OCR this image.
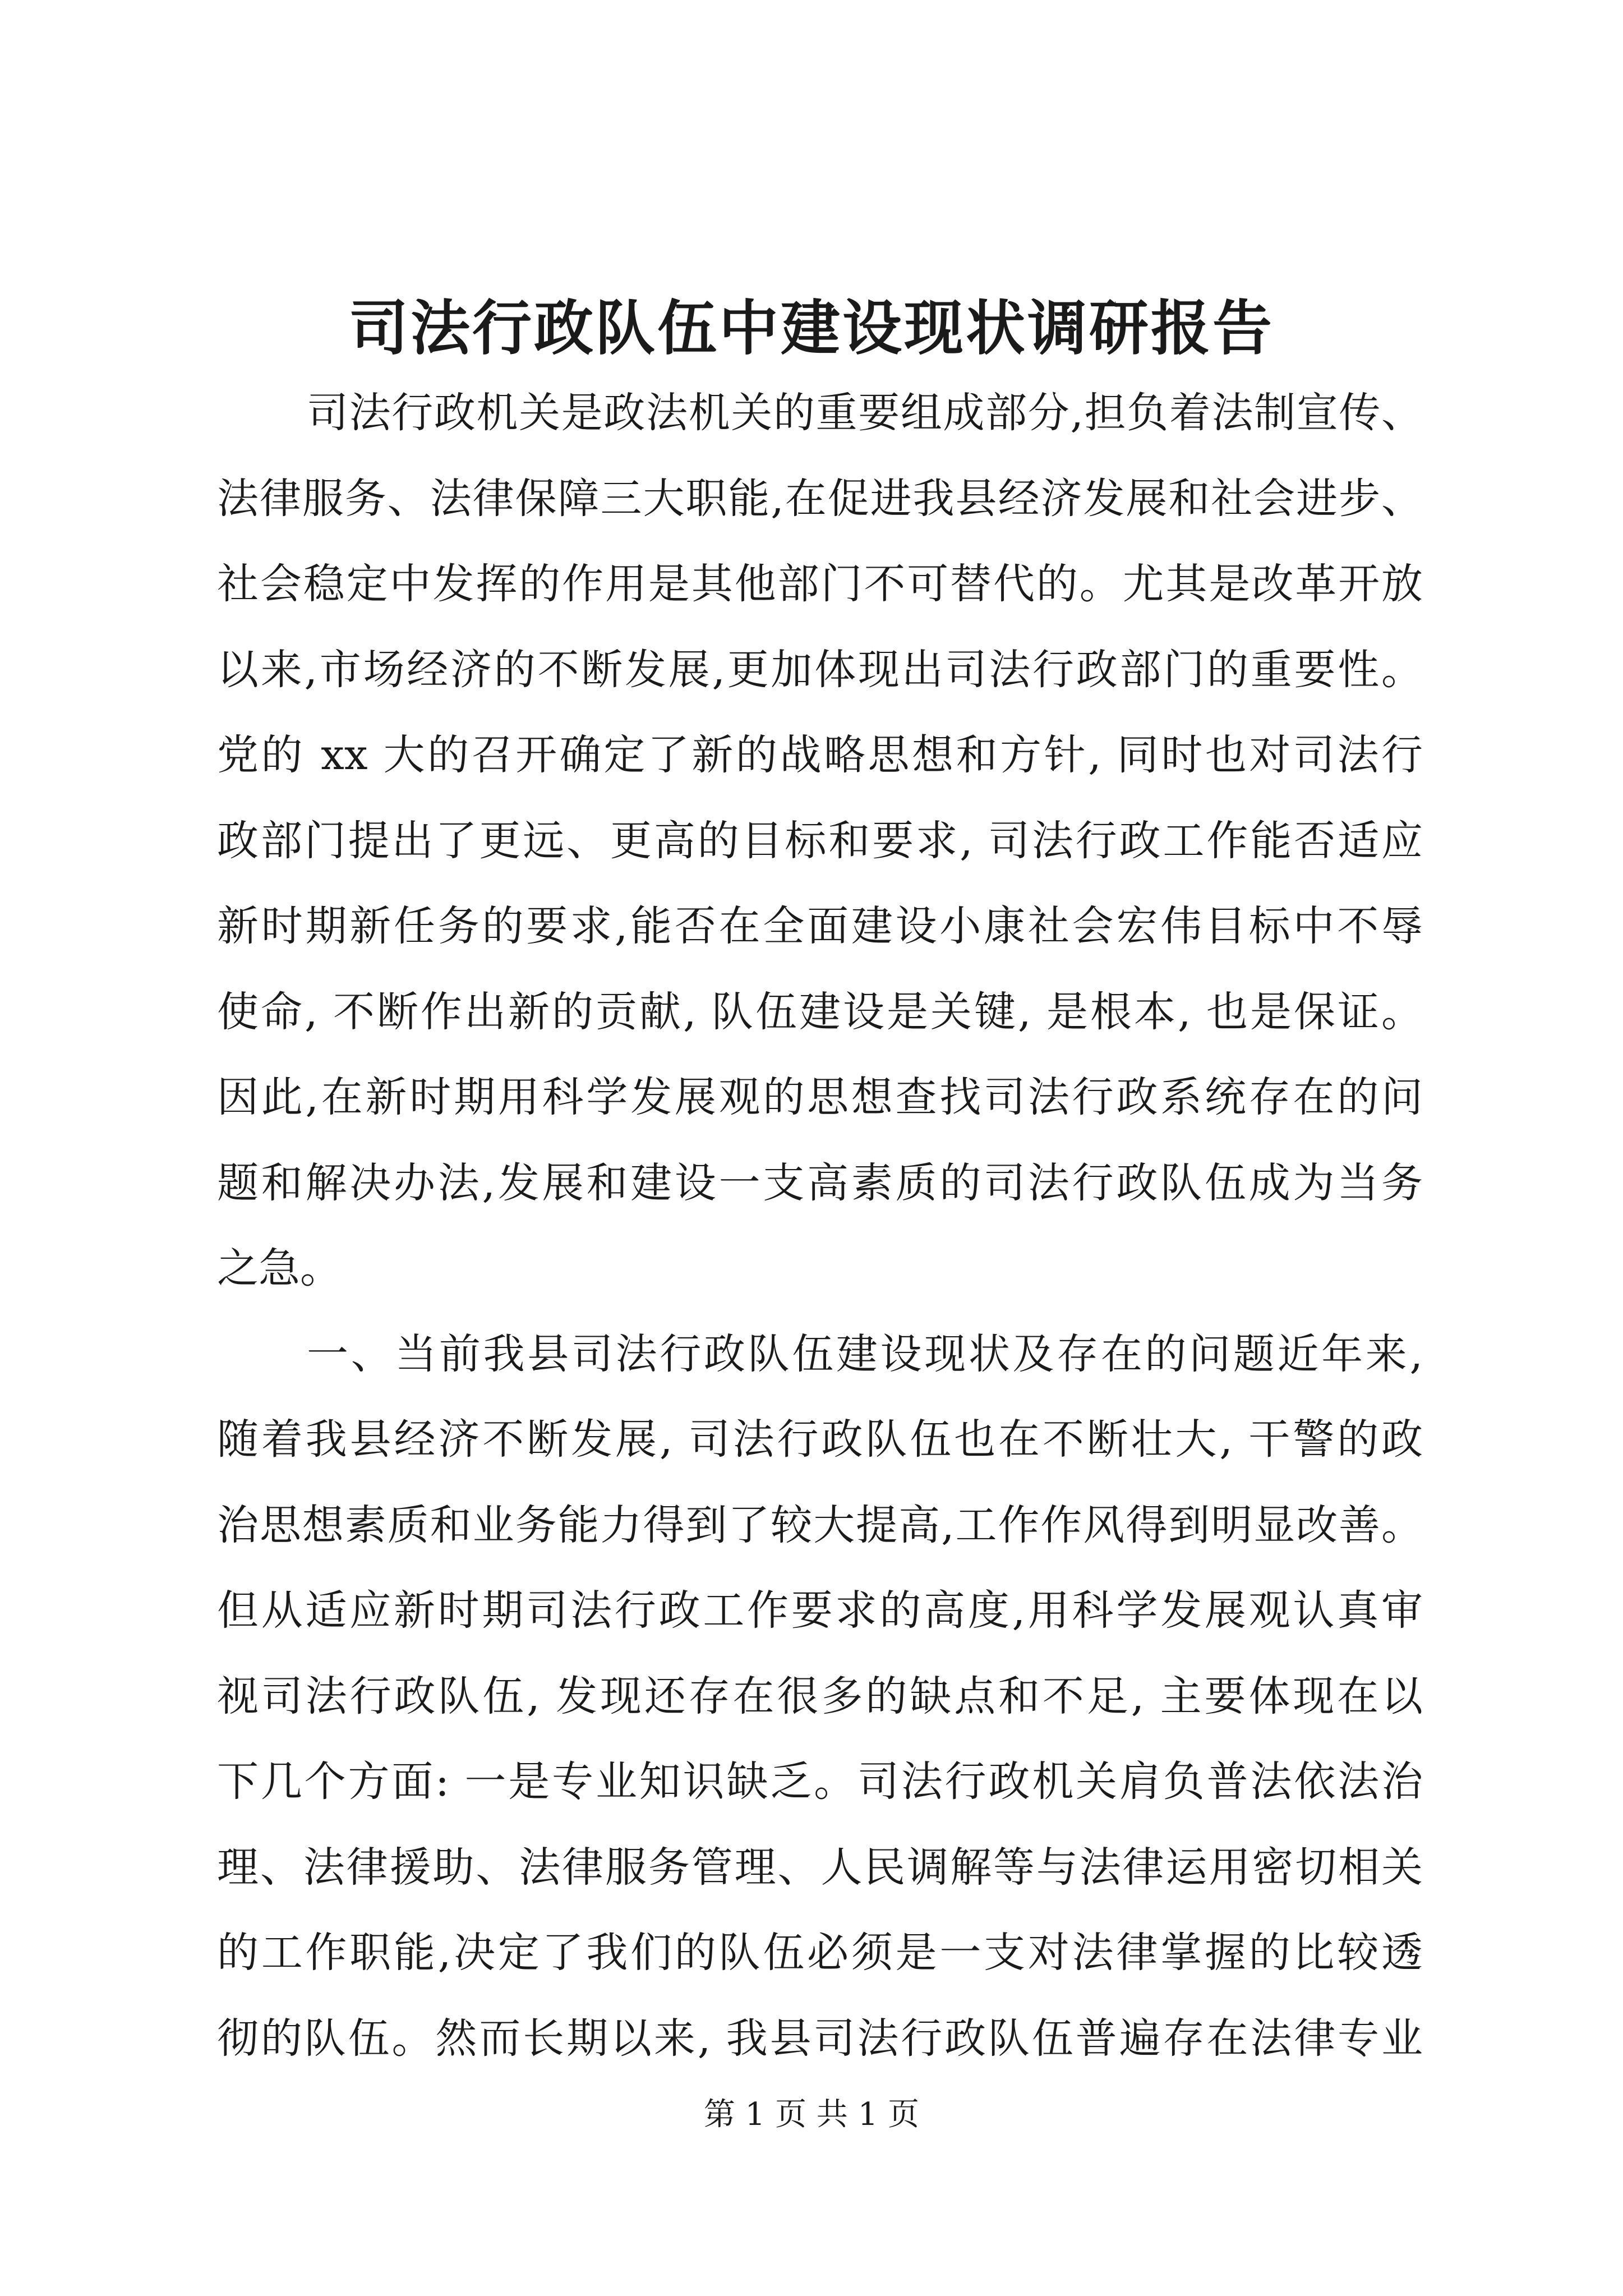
司法行政队伍中建设现状调研报告
司法行政机关是政法机关的重要组成部分,担负着法制宣传、
法律服务、法律保障三大职能,在促进我县经济发展和社会进步、
社会稳定中发挥的作用是其他部门不可替代的。尤其是改革开放
以来,市场经济的不断发展,更加体现出司法行政部门的重要性。
党的 xx 大的召开确定了新的战略思想和方针, 同时也对司法行
政部门提出了更远、更高的目标和要求, 司法行政工作能否适应
新时期新任务的要求,能否在全面建设小康社会宏伟目标中不辱
使命, 不断作出新的贡献, 队伍建设是关键, 是根本, 也是保证。
因此,在新时期用科学发展观的思想查找司法行政系统存在的问
题和解决办法,发展和建设一支高素质的司法行政队伍成为当务
之急。
一、当前我县司法行政队伍建设现状及存在的问题近年来,
随着我县经济不断发展, 司法行政队伍也在不断壮大, 干警的政
治思想素质和业务能力得到了较大提高,工作作风得到明显改善。
但从适应新时期司法行政工作要求的高度,用科学发展观认真审
视司法行政队伍, 发现还存在很多的缺点和不足, 主要体现在以
下几个方面: 一是专业知识缺乏。司法行政机关肩负普法依法治
理、法律援助、法律服务管理、人民调解等与法律运用密切相关
的工作职能,决定了我们的队伍必须是一支对法律掌握的比较透
彻的队伍。然而长期以来, 我县司法行政队伍普遍存在法律专业
第 1 页 共 1 页
